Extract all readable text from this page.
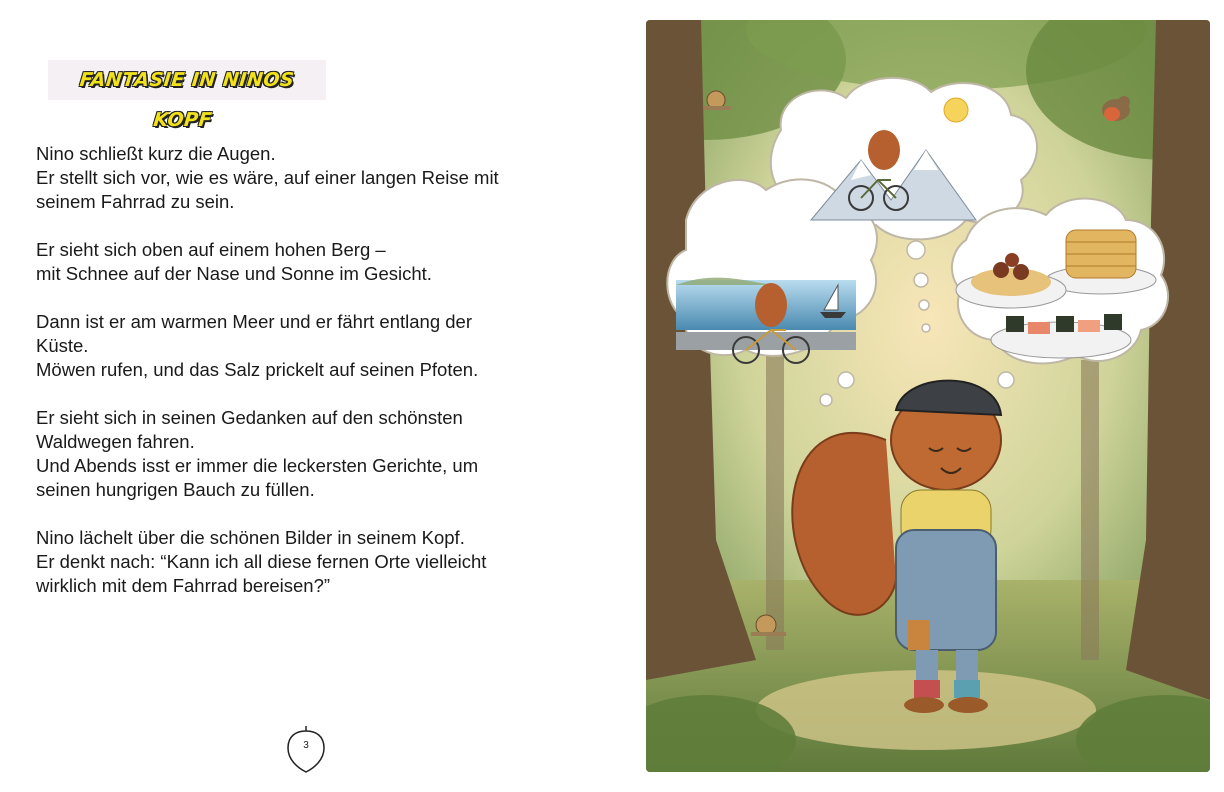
FANTASIE IN NINOS KOPF

Nino schließt kurz die Augen.
Er stellt sich vor, wie es wäre, auf einer langen Reise mit
seinem Fahrrad zu sein.

Er sieht sich oben auf einem hohen Berg –
mit Schnee auf der Nase und Sonne im Gesicht.

Dann ist er am warmen Meer und er fährt entlang der
Küste.
Möwen rufen, und das Salz prickelt auf seinen Pfoten.

Er sieht sich in seinen Gedanken auf den schönsten
Waldwegen fahren.
Und Abends isst er immer die leckersten Gerichte, um
seinen hungrigen Bauch zu füllen.

Nino lächelt über die schönen Bilder in seinem Kopf.
Er denkt nach: “Kann ich all diese fernen Orte vielleicht
wirklich mit dem Fahrrad bereisen?”

3
